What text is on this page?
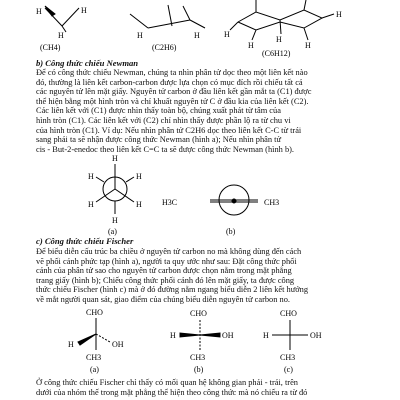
H
H
H
H	H	H
H
H
H
H
(CH4)	(C2H6)
(C6H12)
b) Công thức chiếu Newman
Để có công thức chiếu Newman, chúng ta nhìn phân tử dọc theo một liên kết nào
đó, thường là liên kết carbon-carbon được lựa chọn có mục đích rồi chiếu tất cả
các nguyên tử lên mặt giấy. Nguyên tử carbon ở đầu liên kết gần mắt ta (C1) được
thể hiện bằng một hình tròn và chỉ khuất nguyên tử C ở đầu kia của liên kết (C2).
Các liên kết với (C1) được nhìn thấy toàn bộ, chúng xuất phát từ tâm của
hình tròn (C1). Các liên kết với (C2) chỉ nhìn thấy được phần lộ ra từ chu vi
của hình tròn (C1). Ví dụ: Nếu nhìn phân tử C2H6 dọc theo liên kết C-C từ trái
sang phải ta sẽ nhận được công thức Newman (hình a); Nếu nhìn phân tử
cis - But-2-enedoc theo liên kết C=C ta sẽ được công thức Newman (hình b).
H
H	H
H	H
H
(a)
H3C	CH3
(b)
c) Công thức chiếu Fischer
Để biểu diễn cấu trúc ba chiều ở nguyên tử carbon no mà không dùng đến cách
vẽ phối cảnh phức tạp (hình a), người ta quy ước như sau: Đặt công thức phối
cảnh của phân tử sao cho nguyên tử carbon được chọn nằm trong mặt phẳng
trang giấy (hình b); Chiếu công thức phối cảnh đó lên mặt giấy, ta được công
thức chiếu Fischer (hình c) mà ở đó đường nằm ngang biểu diễn 2 liên kết hướng
về mắt người quan sát, giao điểm của chúng biểu diễn nguyên tử carbon no.
CHO
H	OH
CH3
(a)
CHO
H	OH
CH3
(b)
CHO
H	OH
CH3
(c)
Ở công thức chiếu Fischer chỉ thấy có mối quan hệ không gian phải - trái, trên
dưới của nhóm thế trong mặt phẳng thể hiện theo công thức mà nó chiếu ra từ đó
